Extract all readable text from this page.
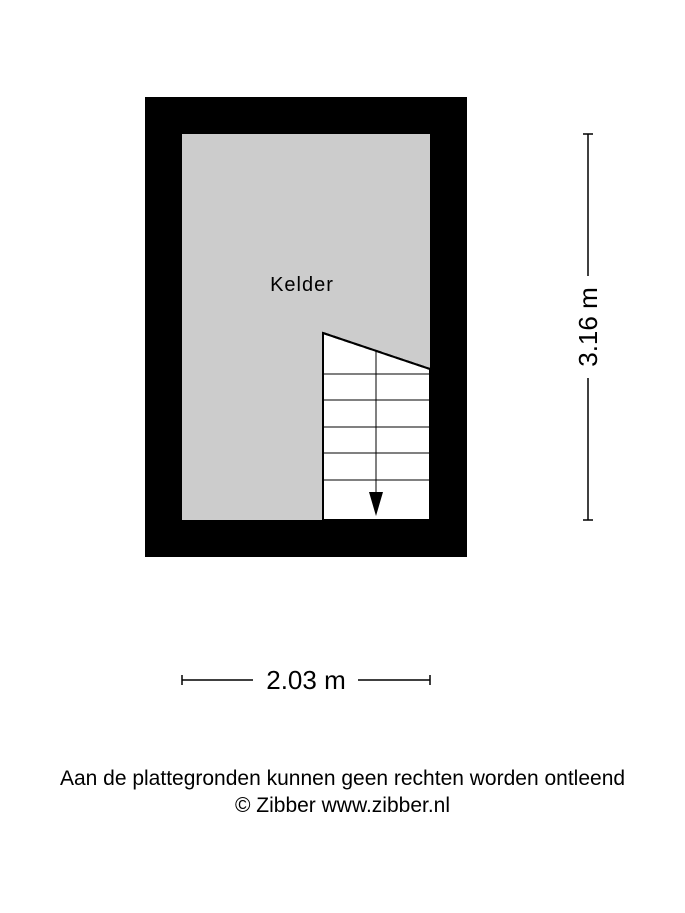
Kelder
3.16 m
2.03 m
Aan de plattegronden kunnen geen rechten worden ontleend
© Zibber www.zibber.nl
